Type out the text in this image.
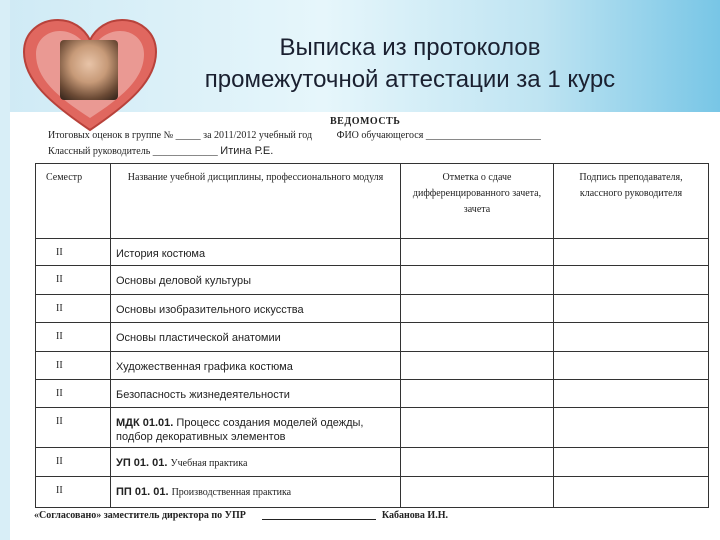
Выписка из протоколов
промежуточной аттестации за 1 курс
ВЕДОМОСТЬ
Итоговых оценок в группе № _____ за 2011/2012 учебный год ФИО обучающегося _______________________
Классный руководитель _____________ Итина Р.Е.
Семестр	Название учебной дисциплины, профессионального модуля	Отметка о сдаче дифференцированного зачета, зачета	Подпись преподавателя, классного руководителя
II	История костюма		
II	Основы деловой культуры		
II	Основы изобразительного искусства		
II	Основы пластической анатомии		
II	Художественная графика костюма		
II	Безопасность жизнедеятельности		
II	МДК 01.01. Процесс создания моделей одежды, подбор декоративных элементов		
II	УП 01. 01. Учебная практика		
II	ПП 01. 01. Производственная практика		
«Согласовано» заместитель директора по УПР	Кабанова И.Н.
